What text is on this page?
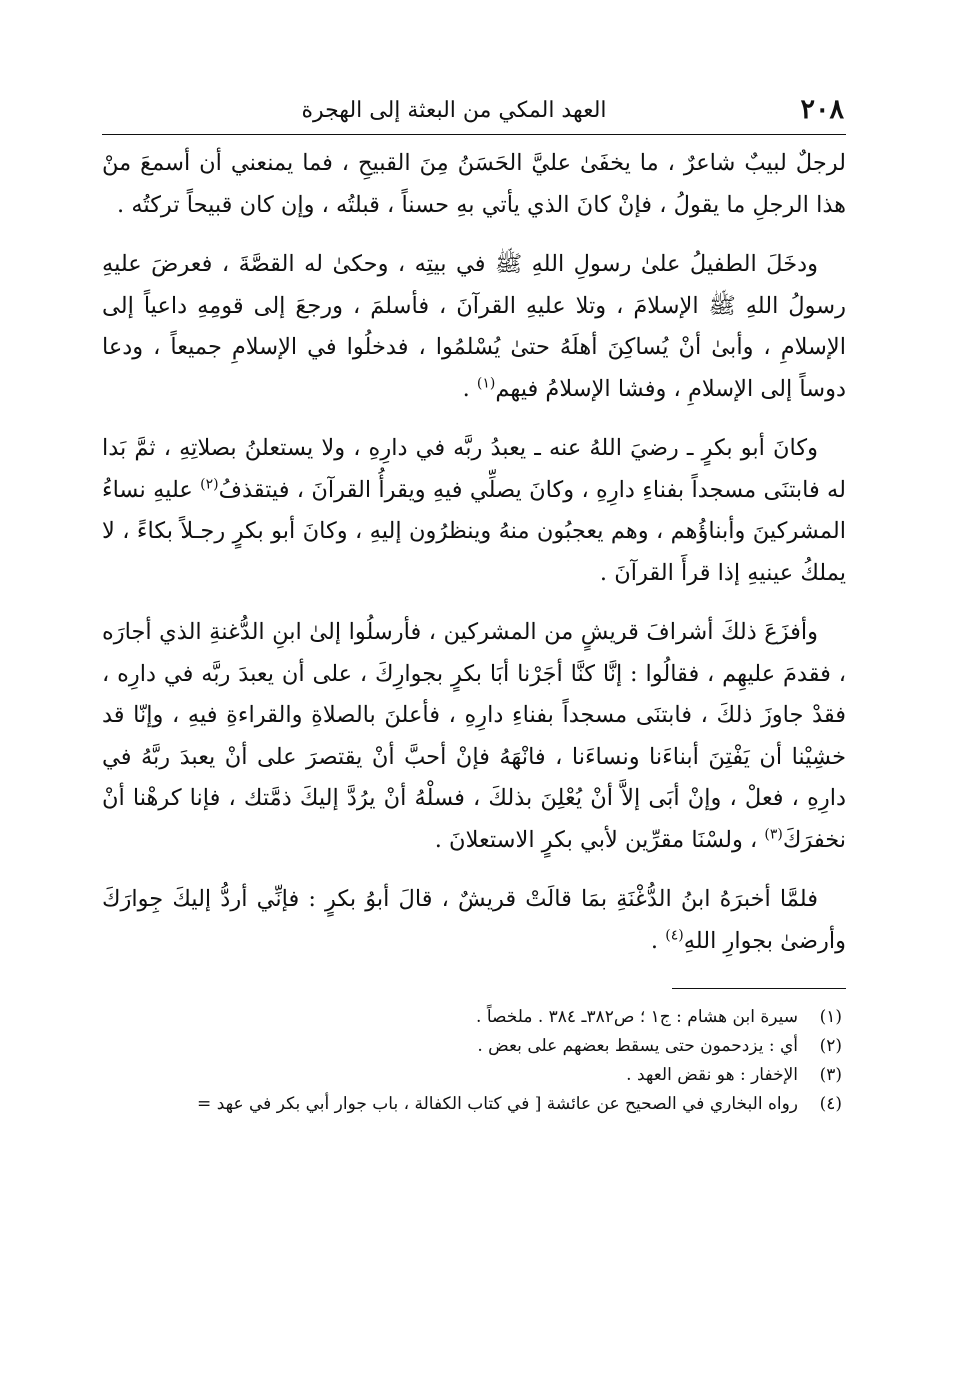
٢٠٨
العهد المكي من البعثة إلى الهجرة

لرجلٌ لبيبٌ شاعرٌ ، ما يخفَىٰ عليَّ الحَسَنُ مِنَ القبيحِ ، فما يمنعني أن أسمعَ منْ هذا الرجلِ ما يقولُ ، فإنْ كانَ الذي يأتي بهِ حسناً ، قبلتُه ، وإن كان قبيحاً تركتُه .

ودخَلَ الطفيلُ علىٰ رسولِ اللهِ ﷺ في بيتِه ، وحكىٰ له القصَّةَ ، فعرضَ عليهِ رسولُ اللهِ ﷺ الإسلامَ ، وتلا عليهِ القرآنَ ، فأسلمَ ، ورجعَ إلى قومِهِ داعياً إلى الإسلامِ ، وأبىٰ أنْ يُساكِنَ أهلَهُ حتىٰ يُسْلمُوا ، فدخلُوا في الإسلامِ جميعاً ، ودعا دوساً إلى الإسلامِ ، وفشا الإسلامُ فيهم$^{(١)}$ .

وكانَ أبو بكرٍ ـ رضيَ اللهُ عنه ـ يعبدُ ربَّه في دارِهِ ، ولا يستعلنُ بصلاتِهِ ، ثمَّ بَدا له فابتنَى مسجداً بفناءِ دارِهِ ، وكانَ يصلِّي فيهِ ويقرأُ القرآنَ ، فيتقذفُ$^{(٢)}$ عليهِ نساءُ المشركينَ وأبناؤُهم ، وهم يعجبُون منهُ وينظرُون إليهِ ، وكانَ أبو بكرٍ رجـلاً بكاءً ، لا يملكُ عينيهِ إذا قرأَ القرآنَ .

وأفزَعَ ذلكَ أشرافَ قريشٍ من المشركين ، فأرسلُوا إلىٰ ابنِ الدُّغنةِ الذي أجارَه ، فقدمَ عليهِم ، فقالُوا : إنَّا كنَّا أجَرْنا أبَا بكرٍ بجوارِكَ ، على أن يعبدَ ربَّه في دارِه ، فقدْ جاوزَ ذلكَ ، فابتنَى مسجداً بفناءِ دارِهِ ، فأعلنَ بالصلاةِ والقراءةِ فيهِ ، وإنّا قد خشِيْنا أن يَفْتِنَ أبناءَنا ونساءَنا ، فانْهَهُ فإنْ أحبَّ أنْ يقتصرَ على أنْ يعبدَ ربَّهُ في دارِهِ ، فعلْ ، وإنْ أبَى إلاَّ أنْ يُعْلِنَ بذلكَ ، فسلْهُ أنْ يرُدَّ إليكَ ذمَّتك ، فإنا كرهْنا أنْ نخفرَكَ$^{(٣)}$ ، ولسْنَا مقرِّين لأبي بكرٍ الاستعلانَ .

فلمَّا أخبرَهُ ابنُ الدُّغْنَةِ بمَا قالَتْ قريشٌ ، قالَ أبوُ بكرٍ : فإنِّي أردُّ إليكَ جِوارَكَ وأرضىٰ بجوارِ اللهِ$^{(٤)}$ .

(١)
سيرة ابن هشام : ج١ ؛ ص٣٨٢ـ ٣٨٤ . ملخصاً .
(٢)
أي : يزدحمون حتى يسقط بعضهم على بعض .
(٣)
الإخفار : هو نقض العهد .
(٤)
رواه البخاري في الصحيح عن عائشة [ في كتاب الكفالة ، باب جوار أبي بكر في عهد =
